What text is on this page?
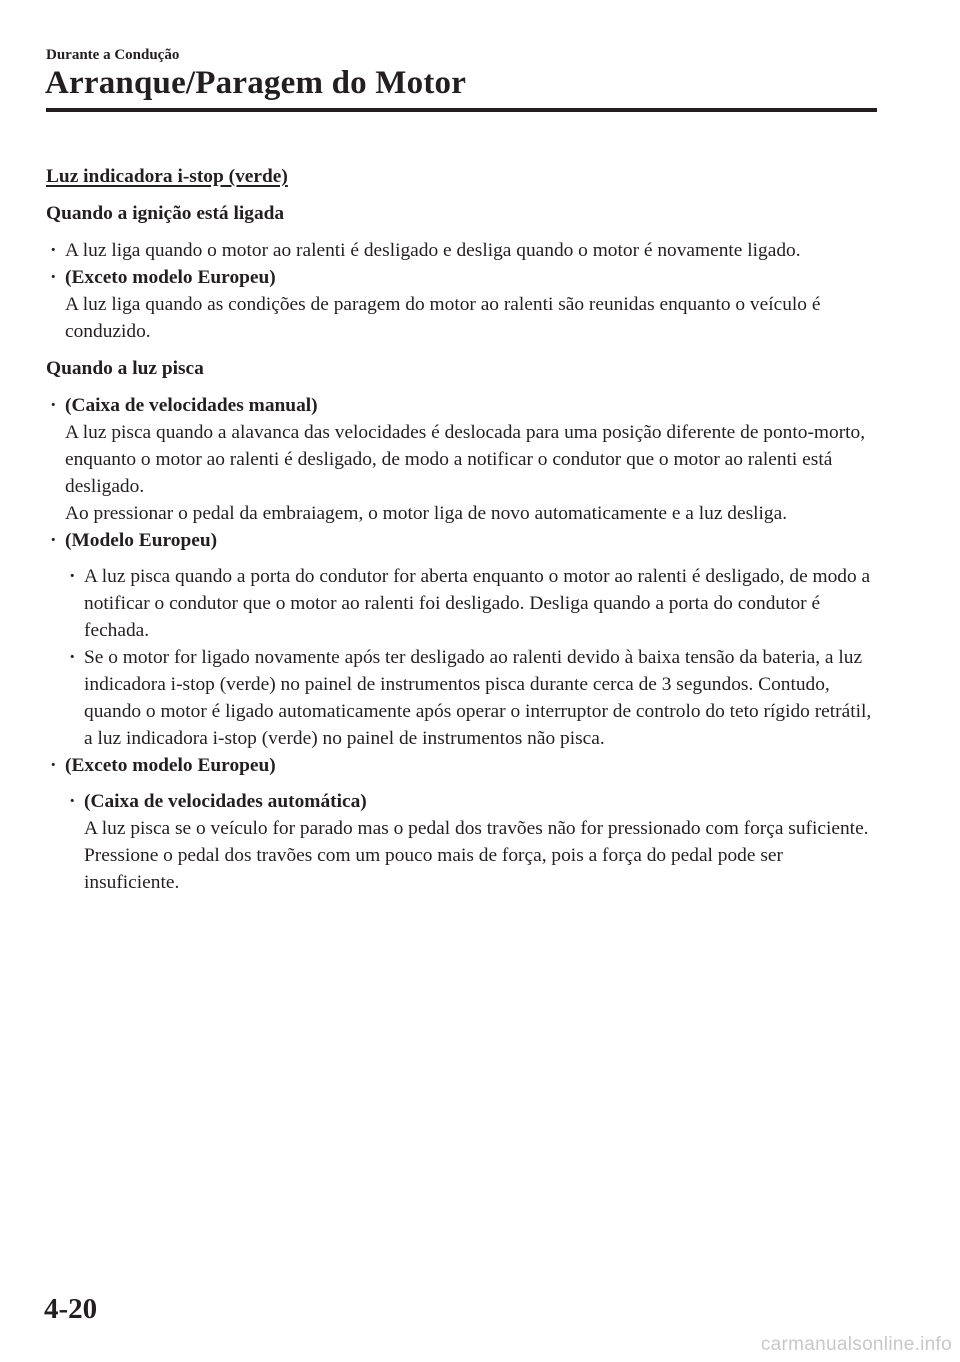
Durante a Condução
Arranque/Paragem do Motor
Luz indicadora i-stop (verde)
Quando a ignição está ligada
· A luz liga quando o motor ao ralenti é desligado e desliga quando o motor é novamente ligado.
· (Exceto modelo Europeu)
A luz liga quando as condições de paragem do motor ao ralenti são reunidas enquanto o veículo é conduzido.
Quando a luz pisca
· (Caixa de velocidades manual)
A luz pisca quando a alavanca das velocidades é deslocada para uma posição diferente de ponto-morto, enquanto o motor ao ralenti é desligado, de modo a notificar o condutor que o motor ao ralenti está desligado.
Ao pressionar o pedal da embraiagem, o motor liga de novo automaticamente e a luz desliga.
· (Modelo Europeu)
· A luz pisca quando a porta do condutor for aberta enquanto o motor ao ralenti é desligado, de modo a notificar o condutor que o motor ao ralenti foi desligado. Desliga quando a porta do condutor é fechada.
· Se o motor for ligado novamente após ter desligado ao ralenti devido à baixa tensão da bateria, a luz indicadora i-stop (verde) no painel de instrumentos pisca durante cerca de 3 segundos. Contudo, quando o motor é ligado automaticamente após operar o interruptor de controlo do teto rígido retrátil, a luz indicadora i-stop (verde) no painel de instrumentos não pisca.
· (Exceto modelo Europeu)
· (Caixa de velocidades automática)
A luz pisca se o veículo for parado mas o pedal dos travões não for pressionado com força suficiente. Pressione o pedal dos travões com um pouco mais de força, pois a força do pedal pode ser insuficiente.
4-20
carmanualsonline.info
